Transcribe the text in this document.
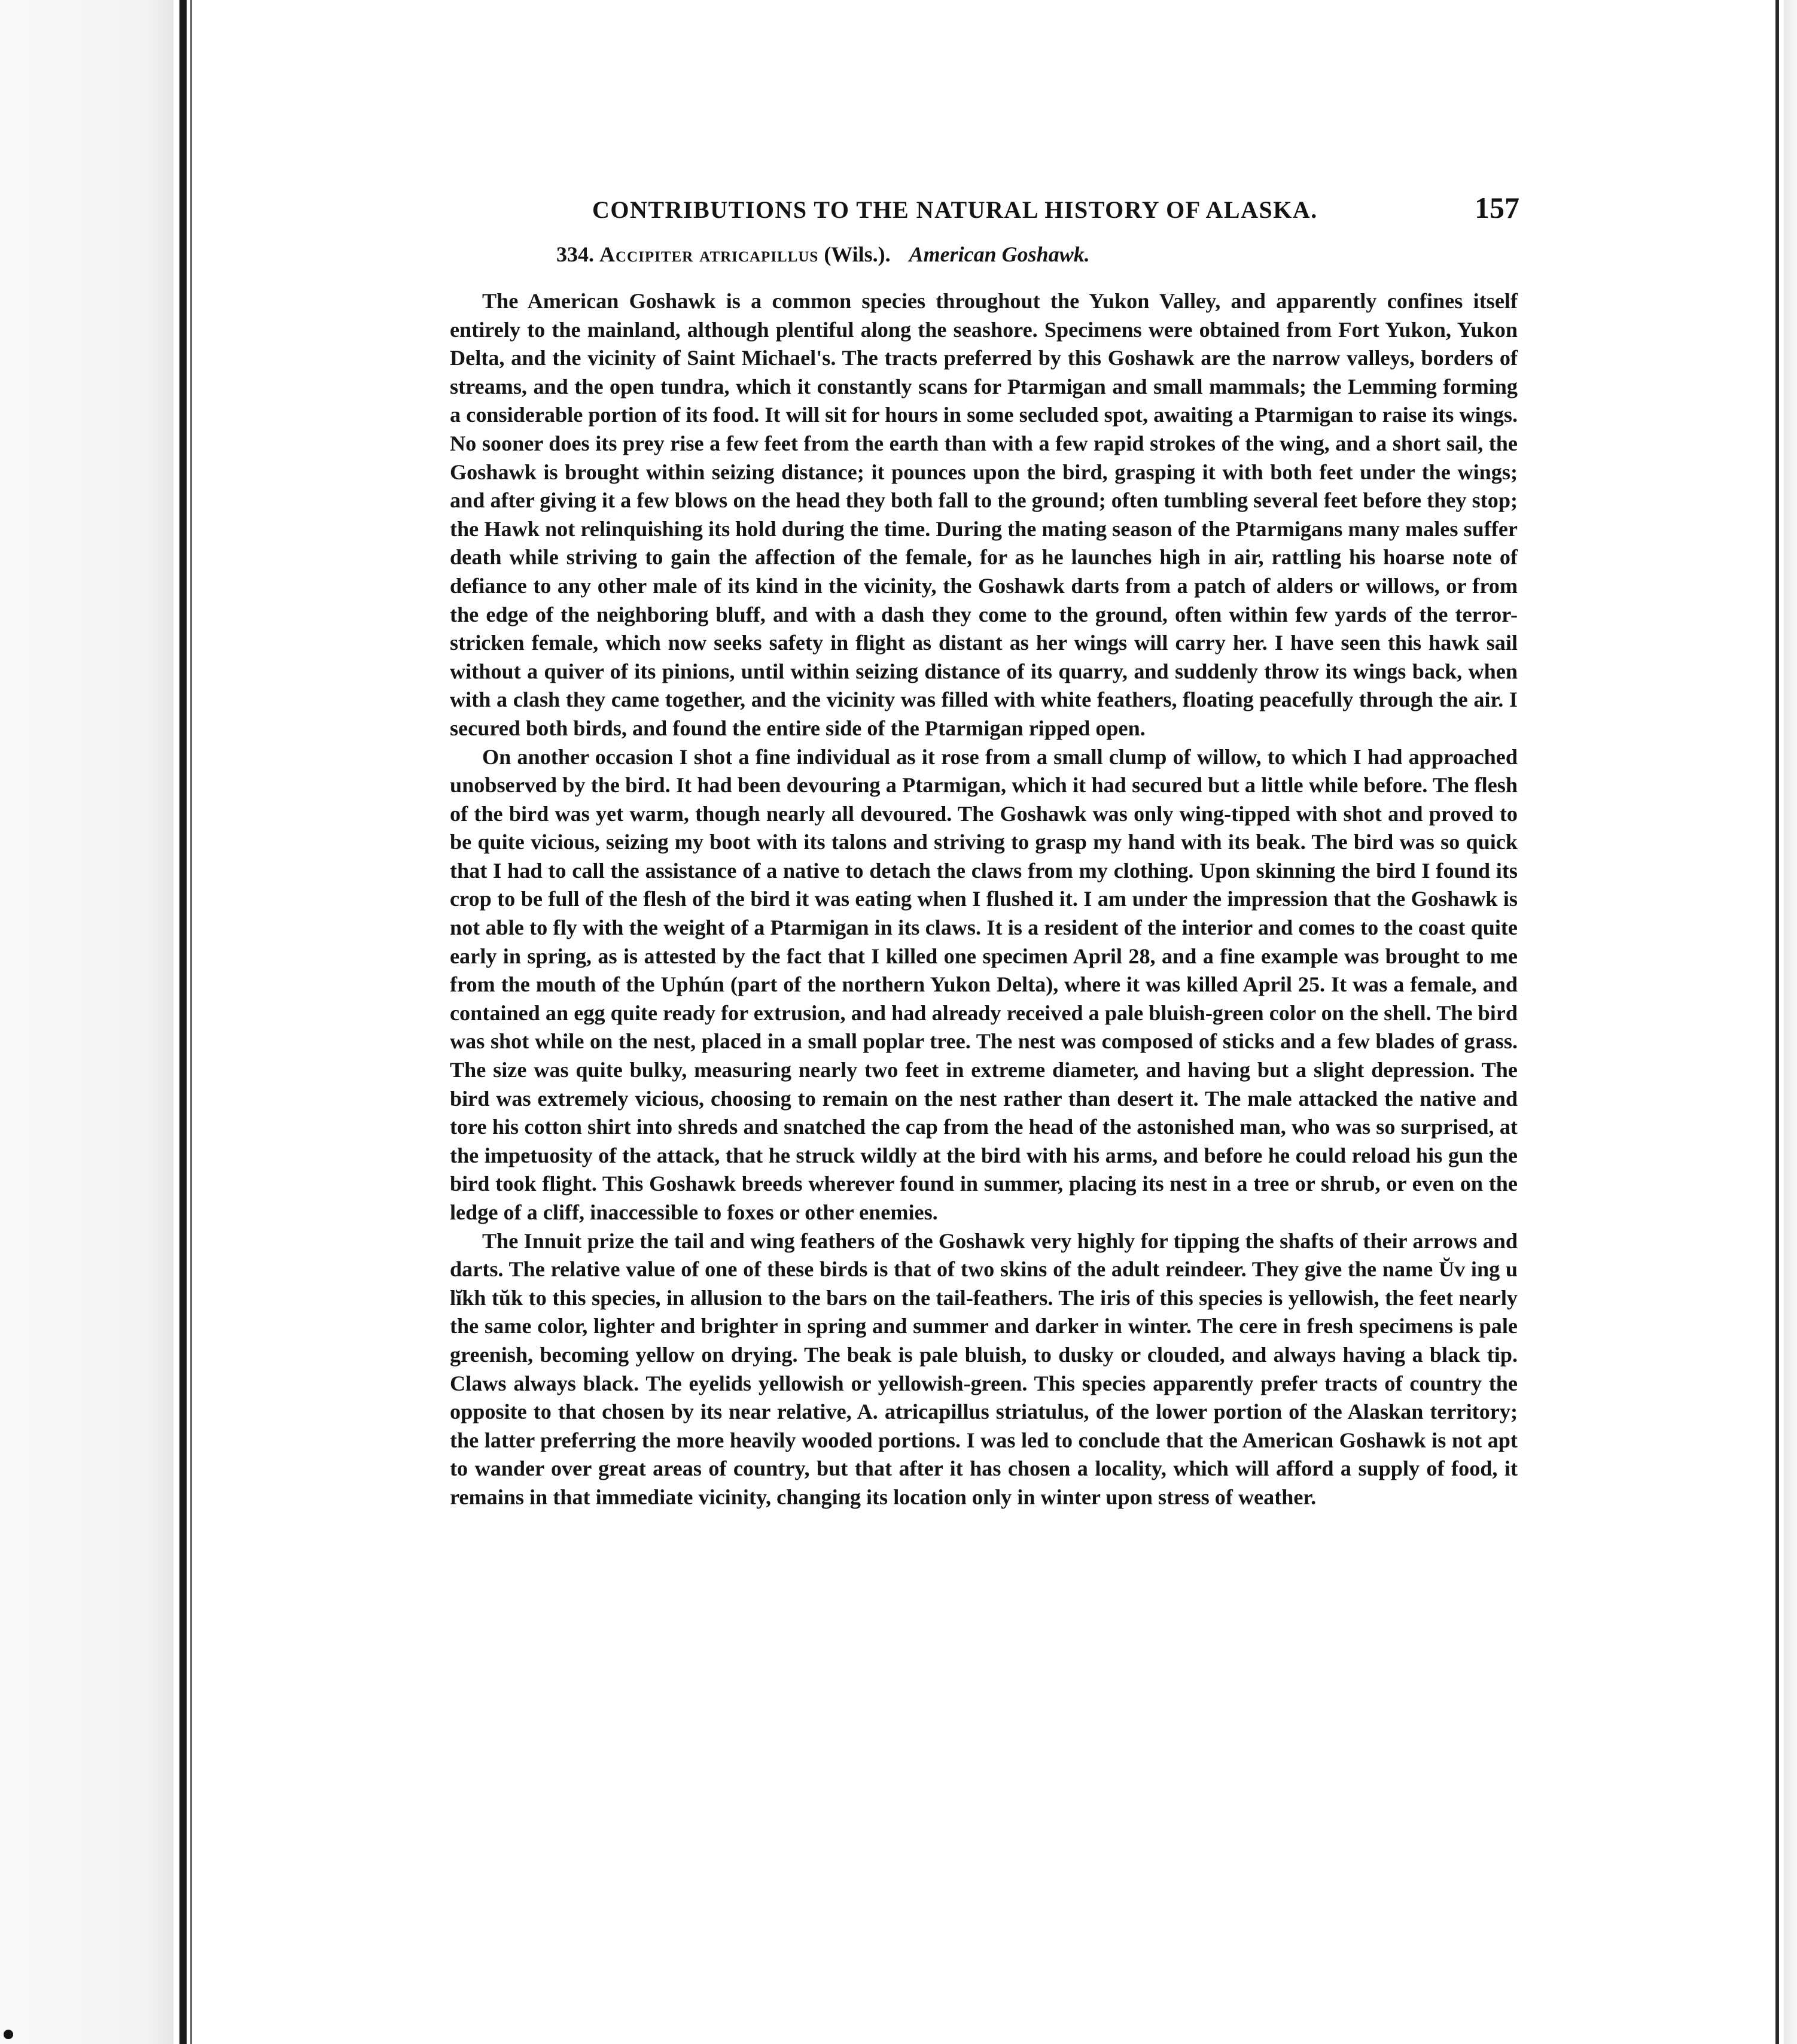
CONTRIBUTIONS TO THE NATURAL HISTORY OF ALASKA.	157
334. Accipiter atricapillus (Wils.). American Goshawk.

The American Goshawk is a common species throughout the Yukon Valley, and apparently confines itself entirely to the mainland, although plentiful along the seashore. Specimens were obtained from Fort Yukon, Yukon Delta, and the vicinity of Saint Michael's. The tracts preferred by this Goshawk are the narrow valleys, borders of streams, and the open tundra, which it constantly scans for Ptarmigan and small mammals; the Lemming forming a considerable portion of its food. It will sit for hours in some secluded spot, awaiting a Ptarmigan to raise its wings. No sooner does its prey rise a few feet from the earth than with a few rapid strokes of the wing, and a short sail, the Goshawk is brought within seizing distance; it pounces upon the bird, grasping it with both feet under the wings; and after giving it a few blows on the head they both fall to the ground; often tumbling several feet before they stop; the Hawk not relinquishing its hold during the time. During the mating season of the Ptarmigans many males suffer death while striving to gain the affection of the female, for as he launches high in air, rattling his hoarse note of defiance to any other male of its kind in the vicinity, the Goshawk darts from a patch of alders or willows, or from the edge of the neighboring bluff, and with a dash they come to the ground, often within few yards of the terror-stricken female, which now seeks safety in flight as distant as her wings will carry her. I have seen this hawk sail without a quiver of its pinions, until within seizing distance of its quarry, and suddenly throw its wings back, when with a clash they came together, and the vicinity was filled with white feathers, floating peacefully through the air. I secured both birds, and found the entire side of the Ptarmigan ripped open.

On another occasion I shot a fine individual as it rose from a small clump of willow, to which I had approached unobserved by the bird. It had been devouring a Ptarmigan, which it had secured but a little while before. The flesh of the bird was yet warm, though nearly all devoured. The Goshawk was only wing-tipped with shot and proved to be quite vicious, seizing my boot with its talons and striving to grasp my hand with its beak. The bird was so quick that I had to call the assistance of a native to detach the claws from my clothing. Upon skinning the bird I found its crop to be full of the flesh of the bird it was eating when I flushed it. I am under the impression that the Goshawk is not able to fly with the weight of a Ptarmigan in its claws. It is a resident of the interior and comes to the coast quite early in spring, as is attested by the fact that I killed one specimen April 28, and a fine example was brought to me from the mouth of the Uphún (part of the northern Yukon Delta), where it was killed April 25. It was a female, and contained an egg quite ready for extrusion, and had already received a pale bluish-green color on the shell. The bird was shot while on the nest, placed in a small poplar tree. The nest was composed of sticks and a few blades of grass. The size was quite bulky, measuring nearly two feet in extreme diameter, and having but a slight depression. The bird was extremely vicious, choosing to remain on the nest rather than desert it. The male attacked the native and tore his cotton shirt into shreds and snatched the cap from the head of the astonished man, who was so surprised, at the impetuosity of the attack, that he struck wildly at the bird with his arms, and before he could reload his gun the bird took flight. This Goshawk breeds wherever found in summer, placing its nest in a tree or shrub, or even on the ledge of a cliff, inaccessible to foxes or other enemies.

The Innuit prize the tail and wing feathers of the Goshawk very highly for tipping the shafts of their arrows and darts. The relative value of one of these birds is that of two skins of the adult reindeer. They give the name Ŭv ing u lĭkh tŭk to this species, in allusion to the bars on the tail-feathers. The iris of this species is yellowish, the feet nearly the same color, lighter and brighter in spring and summer and darker in winter. The cere in fresh specimens is pale greenish, becoming yellow on drying. The beak is pale bluish, to dusky or clouded, and always having a black tip. Claws always black. The eyelids yellowish or yellowish-green. This species apparently prefer tracts of country the opposite to that chosen by its near relative, A. atricapillus striatulus, of the lower portion of the Alaskan territory; the latter preferring the more heavily wooded portions. I was led to conclude that the American Goshawk is not apt to wander over great areas of country, but that after it has chosen a locality, which will afford a supply of food, it remains in that immediate vicinity, changing its location only in winter upon stress of weather.
